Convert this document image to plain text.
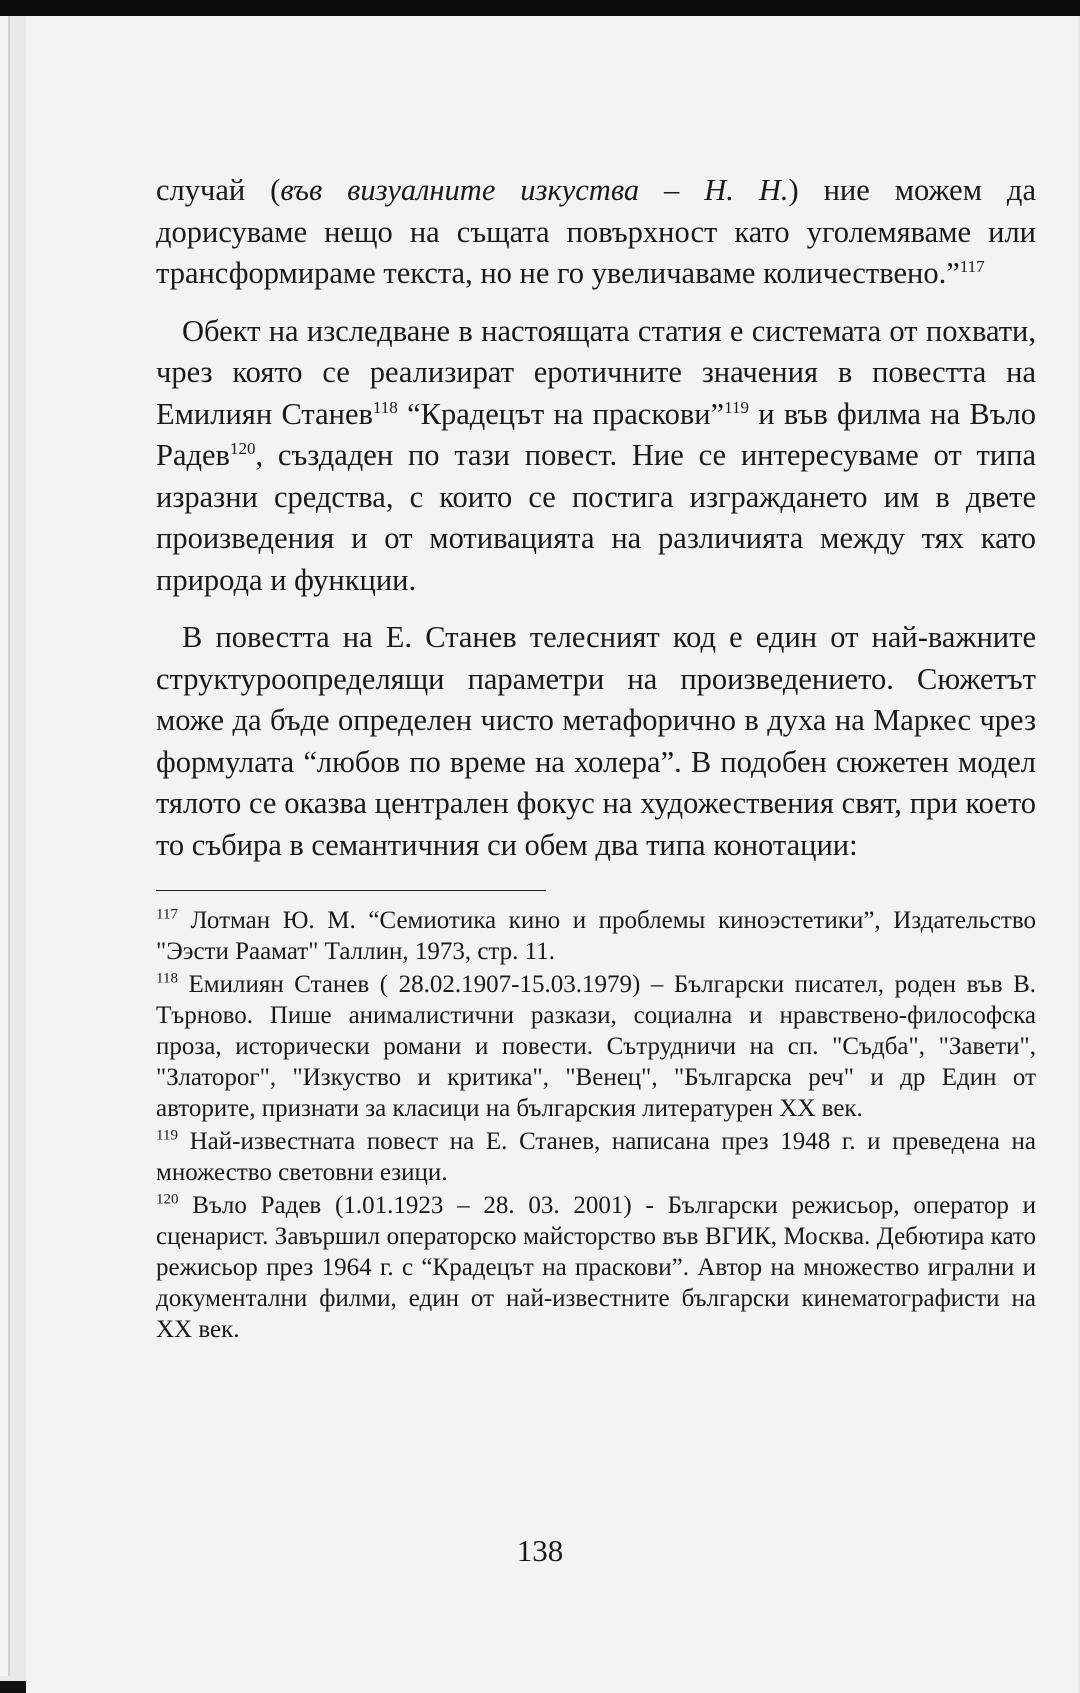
случай (във визуалните изкуства – Н. Н.) ние можем да дорисуваме нещо на същата повърхност като уголемяваме или трансформираме текста, но не го увеличаваме количествено.”$^{117}$

Обект на изследване в настоящата статия е системата от похвати, чрез която се реализират еротичните значения в повестта на Емилиян Станев$^{118}$ “Крадецът на праскови”$^{119}$ и във филма на Въло Радев$^{120}$, създаден по тази повест. Ние се интересуваме от типа изразни средства, с които се постига изграждането им в двете произведения и от мотивацията на различията между тях като природа и функции.

В повестта на Е. Станев телесният код е един от най-важните структуроопределящи параметри на произведението. Сюжетът може да бъде определен чисто метафорично в духа на Маркес чрез формулата “любов по време на холера”. В подобен сюжетен модел тялото се оказва централен фокус на художествения свят, при което то събира в семантичния си обем два типа конотации:

$^{117}$ Лотман Ю. М. “Семиотика кино и проблемы киноэстетики”, Издательство "Ээсти Раамат" Таллин, 1973, стр. 11.

$^{118}$ Емилиян Станев ( 28.02.1907-15.03.1979) – Български писател, роден във В. Търново. Пише анималистични разкази, социална и нравствено-философска проза, исторически романи и повести. Сътрудничи на сп. "Съдба", "Завети", "Златорог", "Изкуство и критика", "Венец", "Българска реч" и др Един от авторите, признати за класици на българския литературен ХХ век.

$^{119}$ Най-известната повест на Е. Станев, написана през 1948 г. и преведена на множество световни езици.

$^{120}$ Въло Радев (1.01.1923 – 28. 03. 2001) - Български режисьор, оператор и сценарист. Завършил операторско майсторство във ВГИК, Москва. Дебютира като режисьор през 1964 г. с “Крадецът на праскови”. Автор на множество игрални и документални филми, един от най-известните български кинематографисти на ХХ век.

138
